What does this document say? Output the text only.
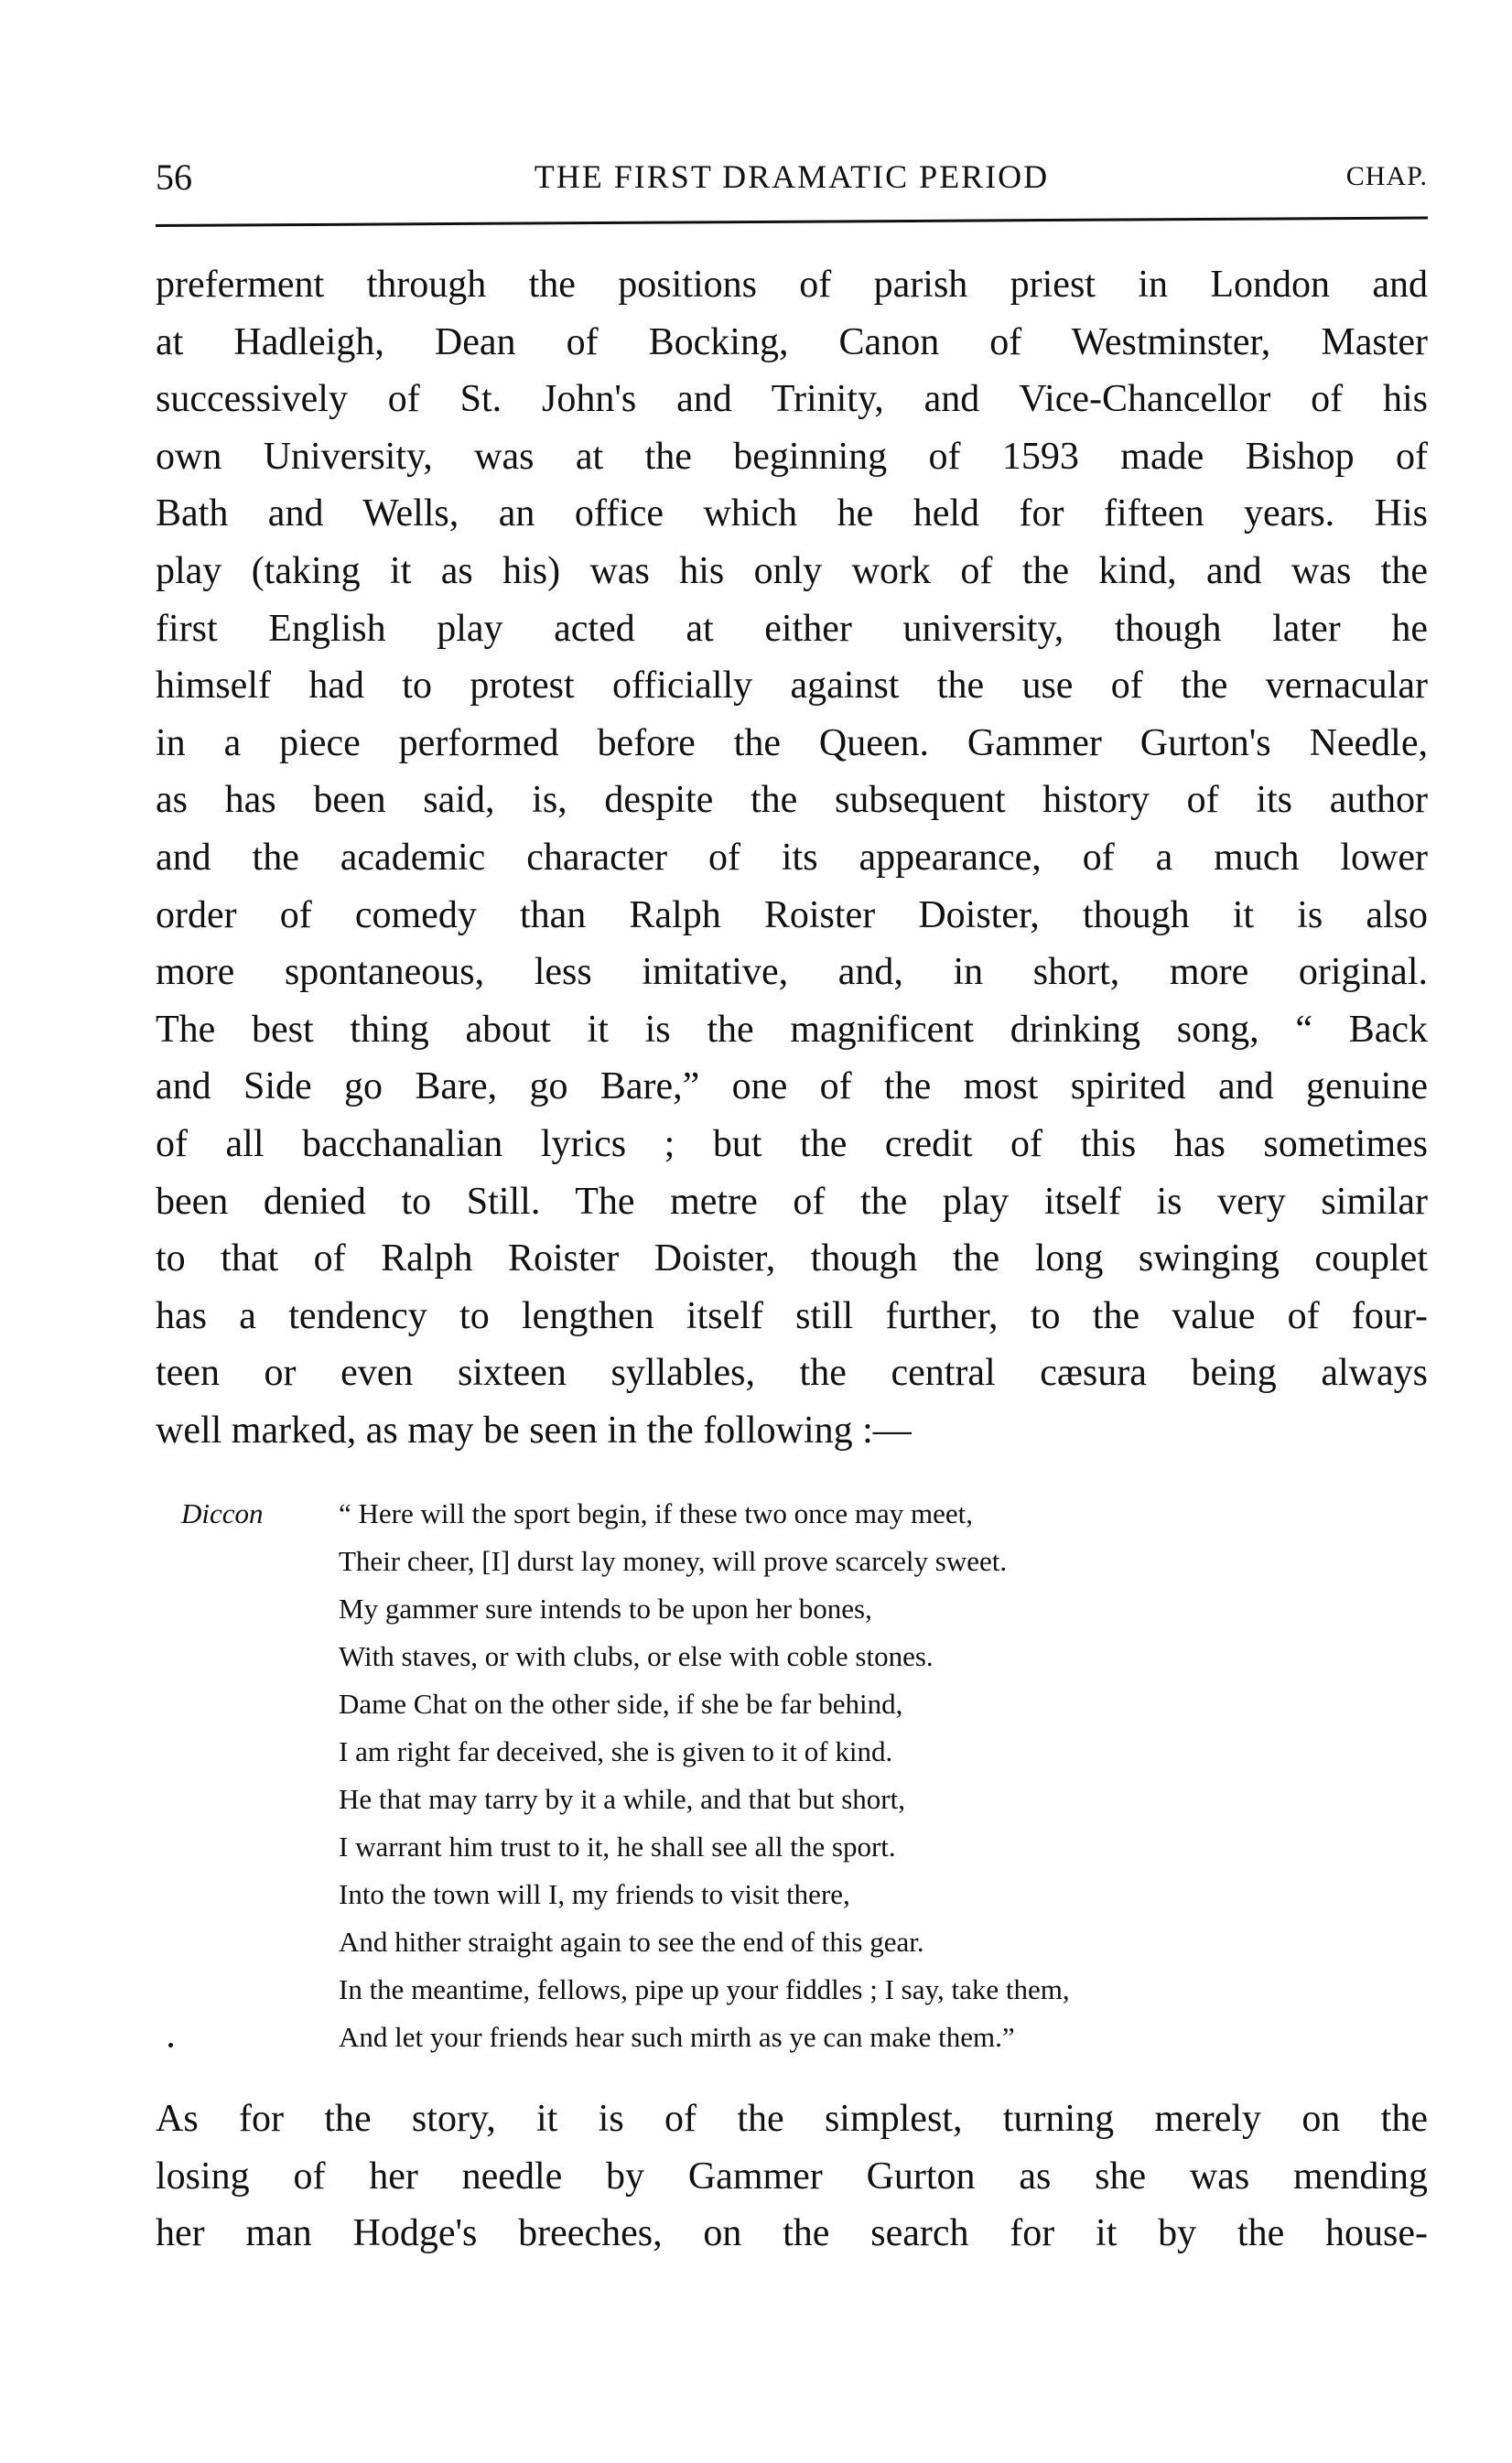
56	THE FIRST DRAMATIC PERIOD	CHAP.
preferment through the positions of parish priest in London and
at Hadleigh, Dean of Bocking, Canon of Westminster, Master
successively of St. John's and Trinity, and Vice-Chancellor of his
own University, was at the beginning of 1593 made Bishop of
Bath and Wells, an office which he held for fifteen years. His
play (taking it as his) was his only work of the kind, and was the
first English play acted at either university, though later he
himself had to protest officially against the use of the vernacular
in a piece performed before the Queen. Gammer Gurton's Needle,
as has been said, is, despite the subsequent history of its author
and the academic character of its appearance, of a much lower
order of comedy than Ralph Roister Doister, though it is also
more spontaneous, less imitative, and, in short, more original.
The best thing about it is the magnificent drinking song, “ Back
and Side go Bare, go Bare,” one of the most spirited and genuine
of all bacchanalian lyrics ; but the credit of this has sometimes
been denied to Still. The metre of the play itself is very similar
to that of Ralph Roister Doister, though the long swinging couplet
has a tendency to lengthen itself still further, to the value of four-
teen or even sixteen syllables, the central cæsura being always
well marked, as may be seen in the following :—
Diccon	“ Here will the sport begin, if these two once may meet,
Their cheer, [I] durst lay money, will prove scarcely sweet.
My gammer sure intends to be upon her bones,
With staves, or with clubs, or else with coble stones.
Dame Chat on the other side, if she be far behind,
I am right far deceived, she is given to it of kind.
He that may tarry by it a while, and that but short,
I warrant him trust to it, he shall see all the sport.
Into the town will I, my friends to visit there,
And hither straight again to see the end of this gear.
In the meantime, fellows, pipe up your fiddles ; I say, take them,
And let your friends hear such mirth as ye can make them.”
As for the story, it is of the simplest, turning merely on the
losing of her needle by Gammer Gurton as she was mending
her man Hodge's breeches, on the search for it by the house-
